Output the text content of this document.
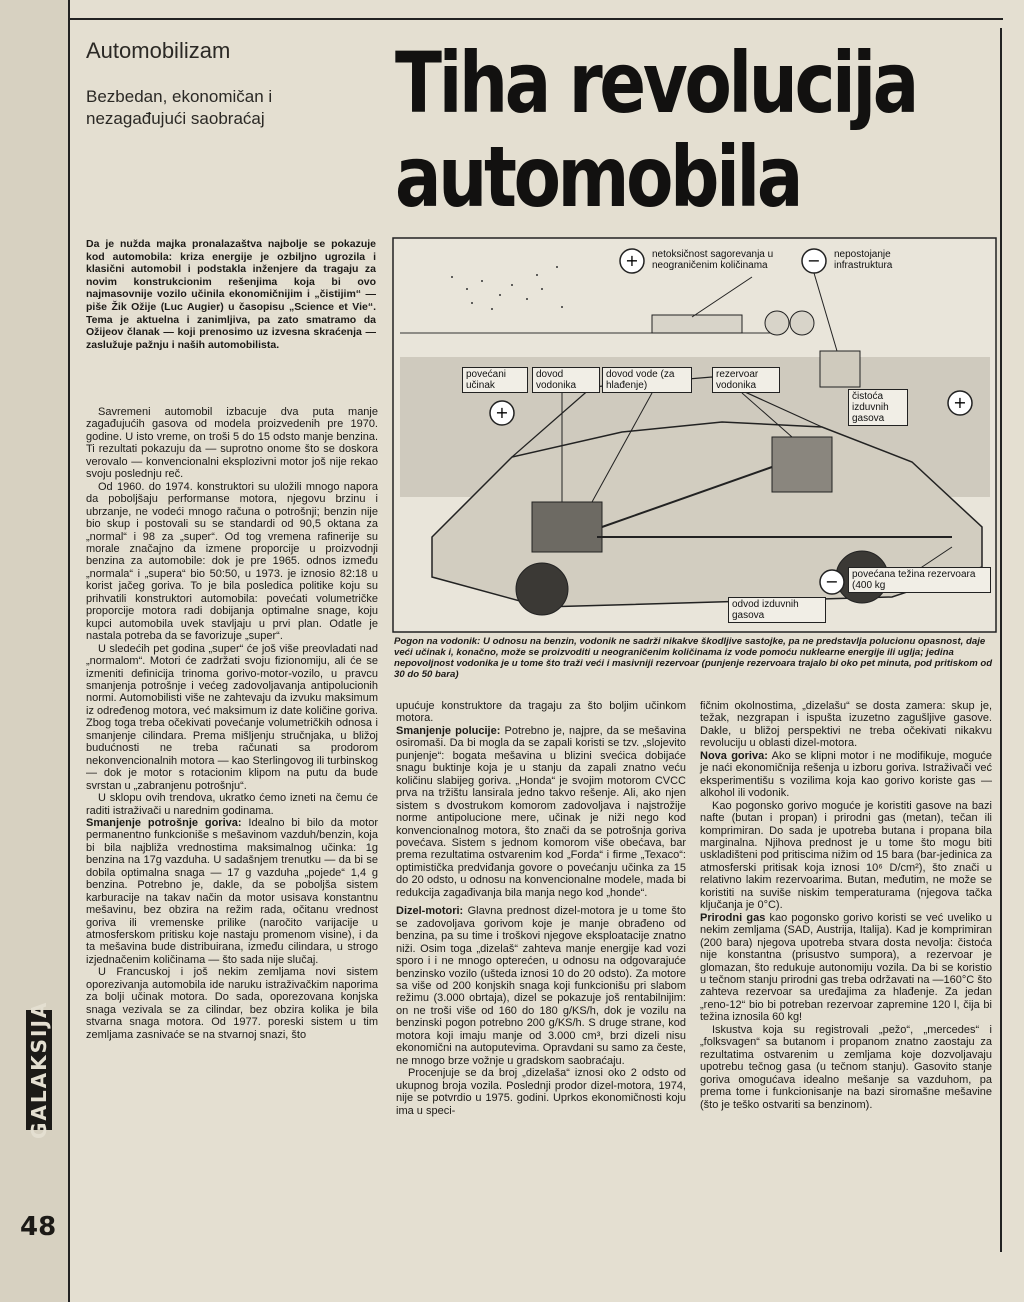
GALAKSIJA
48
Automobilizam
Bezbedan, ekonomičan i nezagađujući saobraćaj	Tiha revolucija
automobila
Da je nužda majka pronalazaštva najbolje se pokazuje kod automobila: kriza energije je ozbiljno ugrozila i klasični automobil i podstakla inženjere da tragaju za novim konstrukcionim rešenjima koja bi ovo najmasovnije vozilo učinila ekonomičnijim i „čistijim“ — piše Žik Ožije (Luc Augier) u časopisu „Science et Vie“. Tema je aktuelna i zanimljiva, pa zato smatramo da Ožijeov članak — koji prenosimo uz izvesna skraćenja — zaslužuje pažnju i naših automobilista.

Savremeni automobil izbacuje dva puta manje zagađujućih gasova od modela proizvedenih pre 1970. godine. U isto vreme, on troši 5 do 15 odsto manje benzina. Ti rezultati pokazuju da — suprotno onome što se doskora verovalo — konvencionalni eksplozivni motor još nije rekao svoju poslednju reč.

Od 1960. do 1974. konstruktori su uložili mnogo napora da poboljšaju performanse motora, njegovu brzinu i ubrzanje, ne vodeći mnogo računa o potrošnji; benzin nije bio skup i postovali su se standardi od 90,5 oktana za „normal“ i 98 za „super“. Od tog vremena rafinerije su morale značajno da izmene proporcije u proizvodnji benzina za automobile: dok je pre 1965. odnos između „normala“ i „supera“ bio 50:50, u 1973. je iznosio 82:18 u korist jačeg goriva. To je bila posledica politike koju su prihvatili konstruktori automobila: povećati volumetričke proporcije motora radi dobijanja optimalne snage, koju kupci automobila uvek stavljaju u prvi plan. Odatle je nastala potreba da se favorizuje „super“.

U sledećih pet godina „super“ će još više preovladati nad „normalom“. Motori će zadržati svoju fizionomiju, ali će se izmeniti definicija trinoma gorivo-motor-vozilo, u pravcu smanjenja potrošnje i većeg zadovoljavanja antipolucionih normi. Automobilisti više ne zahtevaju da izvuku maksimum iz određenog motora, već maksimum iz date količine goriva. Zbog toga treba očekivati povećanje volumetričkih odnosa i smanjenje cilindara. Prema mišljenju stručnjaka, u bližoj budućnosti ne treba računati sa prodorom nekonvencionalnih motora — kao Sterlingovog ili turbinskog — dok je motor s rotacionim klipom na putu da bude svrstan u „zabranjenu potrošnju“.

U sklopu ovih trendova, ukratko ćemo izneti na čemu će raditi istraživači u narednim godinama.

Smanjenje potrošnje goriva: Idealno bi bilo da motor permanentno funkcioniše s mešavinom vazduh/benzin, koja bi bila najbliža vrednostima maksimalnog učinka: 1g benzina na 17g vazduha. U sadašnjem trenutku — da bi se dobila optimalna snaga — 17 g vazduha „pojede“ 1,4 g benzina. Potrebno je, dakle, da se poboljša sistem karburacije na takav način da motor usisava konstantnu mešavinu, bez obzira na režim rada, očitanu vrednost goriva ili vremenske prilike (naročito varijacije u atmosferskom pritisku koje nastaju promenom visine), i da ta mešavina bude distribuirana, između cilindara, u strogo izjednačenim količinama — što sada nije slučaj.

U Francuskoj i još nekim zemljama novi sistem oporezivanja automobila ide naruku istraživačkim naporima za bolji učinak motora. Do sada, oporezovana konjska snaga vezivala se za cilindar, bez obzira kolika je bila stvarna snaga motora. Od 1977. poreski sistem u tim zemljama zasnivaće se na stvarnoj snazi, što

+	−
+
+
−
netoksičnost sagorevanja u neograničenim količinama
nepostojanje infrastruktura
povećani učinak
dovod vodonika
dovod vode (za hlađenje)
rezervoar vodonika
čistoća izduvnih gasova
povećana težina rezervoara (400 kg
odvod izduvnih gasova
Pogon na vodonik: U odnosu na benzin, vodonik ne sadrži nikakve škodljive sastojke, pa ne predstavlja polucionu opasnost, daje veći učinak i, konačno, može se proizvoditi u neograničenim količinama iz vode pomoću nuklearne energije ili uglja; jedina nepovoljnost vodonika je u tome što traži veći i masivniji rezervoar (punjenje rezervoara trajalo bi oko pet minuta, pod pritiskom od 30 do 50 bara)

upućuje konstruktore da tragaju za što boljim učinkom motora.

Smanjenje polucije: Potrebno je, najpre, da se mešavina osiromaši. Da bi mogla da se zapali koristi se tzv. „slojevito punjenje“: bogata mešavina u blizini svećica dobijaće snagu buktinje koja je u stanju da zapali znatno veću količinu slabijeg goriva. „Honda“ je svojim motorom CVCC prva na tržištu lansirala jedno takvo rešenje. Ali, ako njen sistem s dvostrukom komorom zadovoljava i najstrožije norme antipolucione mere, učinak je niži nego kod konvencionalnog motora, što znači da se potrošnja goriva povećava. Sistem s jednom komorom više obećava, bar prema rezultatima ostvarenim kod „Forda“ i firme „Texaco“: optimistička predviđanja govore o povećanju učinka za 15 do 20 odsto, u odnosu na konvencionalne modele, mada bi redukcija zagađivanja bila manja nego kod „honde“.

Dizel-motori: Glavna prednost dizel-motora je u tome što se zadovoljava gorivom koje je manje obrađeno od benzina, pa su time i troškovi njegove eksploatacije znatno niži. Osim toga „dizelaš“ zahteva manje energije kad vozi sporo i i ne mnogo opterećen, u odnosu na odgovarajuće benzinsko vozilo (ušteda iznosi 10 do 20 odsto). Za motore sa više od 200 konjskih snaga koji funkcionišu pri slabom režimu (3.000 obrtaja), dizel se pokazuje još rentabilnijim: on ne troši više od 160 do 180 g/KS/h, dok je vozilu na benzinski pogon potrebno 200 g/KS/h. S druge strane, kod motora koji imaju manje od 3.000 cm³, brzi dizeli nisu ekonomični na autoputevima. Opravdani su samo za česte, ne mnogo brze vožnje u gradskom saobraćaju.

Procenjuje se da broj „dizelaša“ iznosi oko 2 odsto od ukupnog broja vozila. Poslednji prodor dizel-motora, 1974, nije se potvrdio u 1975. godini. Uprkos ekonomičnosti koju ima u speci-

fičnim okolnostima, „dizelašu“ se dosta zamera: skup je, težak, nezgrapan i ispušta izuzetno zagušljive gasove. Dakle, u bližoj perspektivi ne treba očekivati nikakvu revoluciju u oblasti dizel-motora.

Nova goriva: Ako se klipni motor i ne modifikuje, moguće je naći ekonomičnija rešenja u izboru goriva. Istraživači već eksperimentišu s vozilima koja kao gorivo koriste gas — alkohol ili vodonik.

Kao pogonsko gorivo moguće je koristiti gasove na bazi nafte (butan i propan) i prirodni gas (metan), tečan ili komprimiran. Do sada je upotreba butana i propana bila marginalna. Njihova prednost je u tome što mogu biti uskladišteni pod pritiscima nižim od 15 bara (bar-jedinica za atmosferski pritisak koja iznosi 10⁶ D/cm²), što znači u relativno lakim rezervoarima. Butan, međutim, ne može se koristiti na suviše niskim temperaturama (njegova tačka ključanja je 0°C).

Prirodni gas kao pogonsko gorivo koristi se već uveliko u nekim zemljama (SAD, Austrija, Italija). Kad je komprimiran (200 bara) njegova upotreba stvara dosta nevolja: čistoća nije konstantna (prisustvo sumpora), a rezervoar je glomazan, što redukuje autonomiju vozila. Da bi se koristio u tečnom stanju prirodni gas treba održavati na —160°C što zahteva rezervoar sa uređajima za hlađenje. Za jedan „reno-12“ bio bi potreban rezervoar zapremine 120 l, čija bi težina iznosila 60 kg!

Iskustva koja su registrovali „pežo“, „mercedes“ i „folksvagen“ sa butanom i propanom znatno zaostaju za rezultatima ostvarenim u zemljama koje dozvoljavaju upotrebu tečnog gasa (u tečnom stanju). Gasovito stanje goriva omogućava idealno mešanje sa vazduhom, pa prema tome i funkcionisanje na bazi siromašne mešavine (što je teško ostvariti sa benzinom).
